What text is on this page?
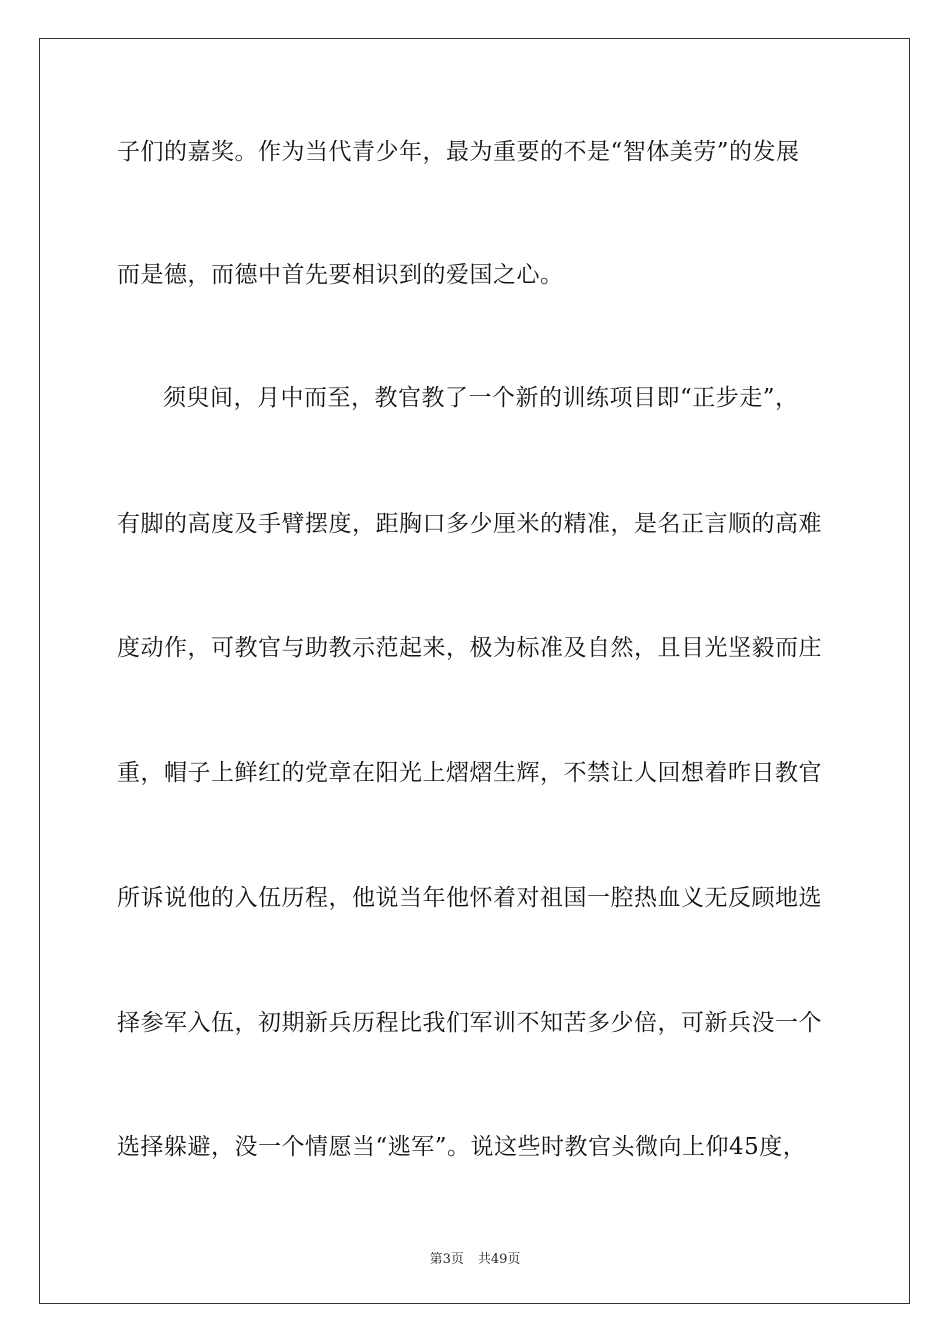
子们的嘉奖。作为当代青少年，最为重要的不是“智体美劳”的发展
而是德，而德中首先要相识到的爱国之心。
须臾间，月中而至，教官教了一个新的训练项目即“正步走”，
有脚的高度及手臂摆度，距胸口多少厘米的精准，是名正言顺的高难
度动作，可教官与助教示范起来，极为标准及自然，且目光坚毅而庄
重，帽子上鲜红的党章在阳光上熠熠生辉，不禁让人回想着昨日教官
所诉说他的入伍历程，他说当年他怀着对祖国一腔热血义无反顾地选
择参军入伍，初期新兵历程比我们军训不知苦多少倍，可新兵没一个
选择躲避，没一个情愿当“逃军”。说这些时教官头微向上仰45度，
第3页 共49页
